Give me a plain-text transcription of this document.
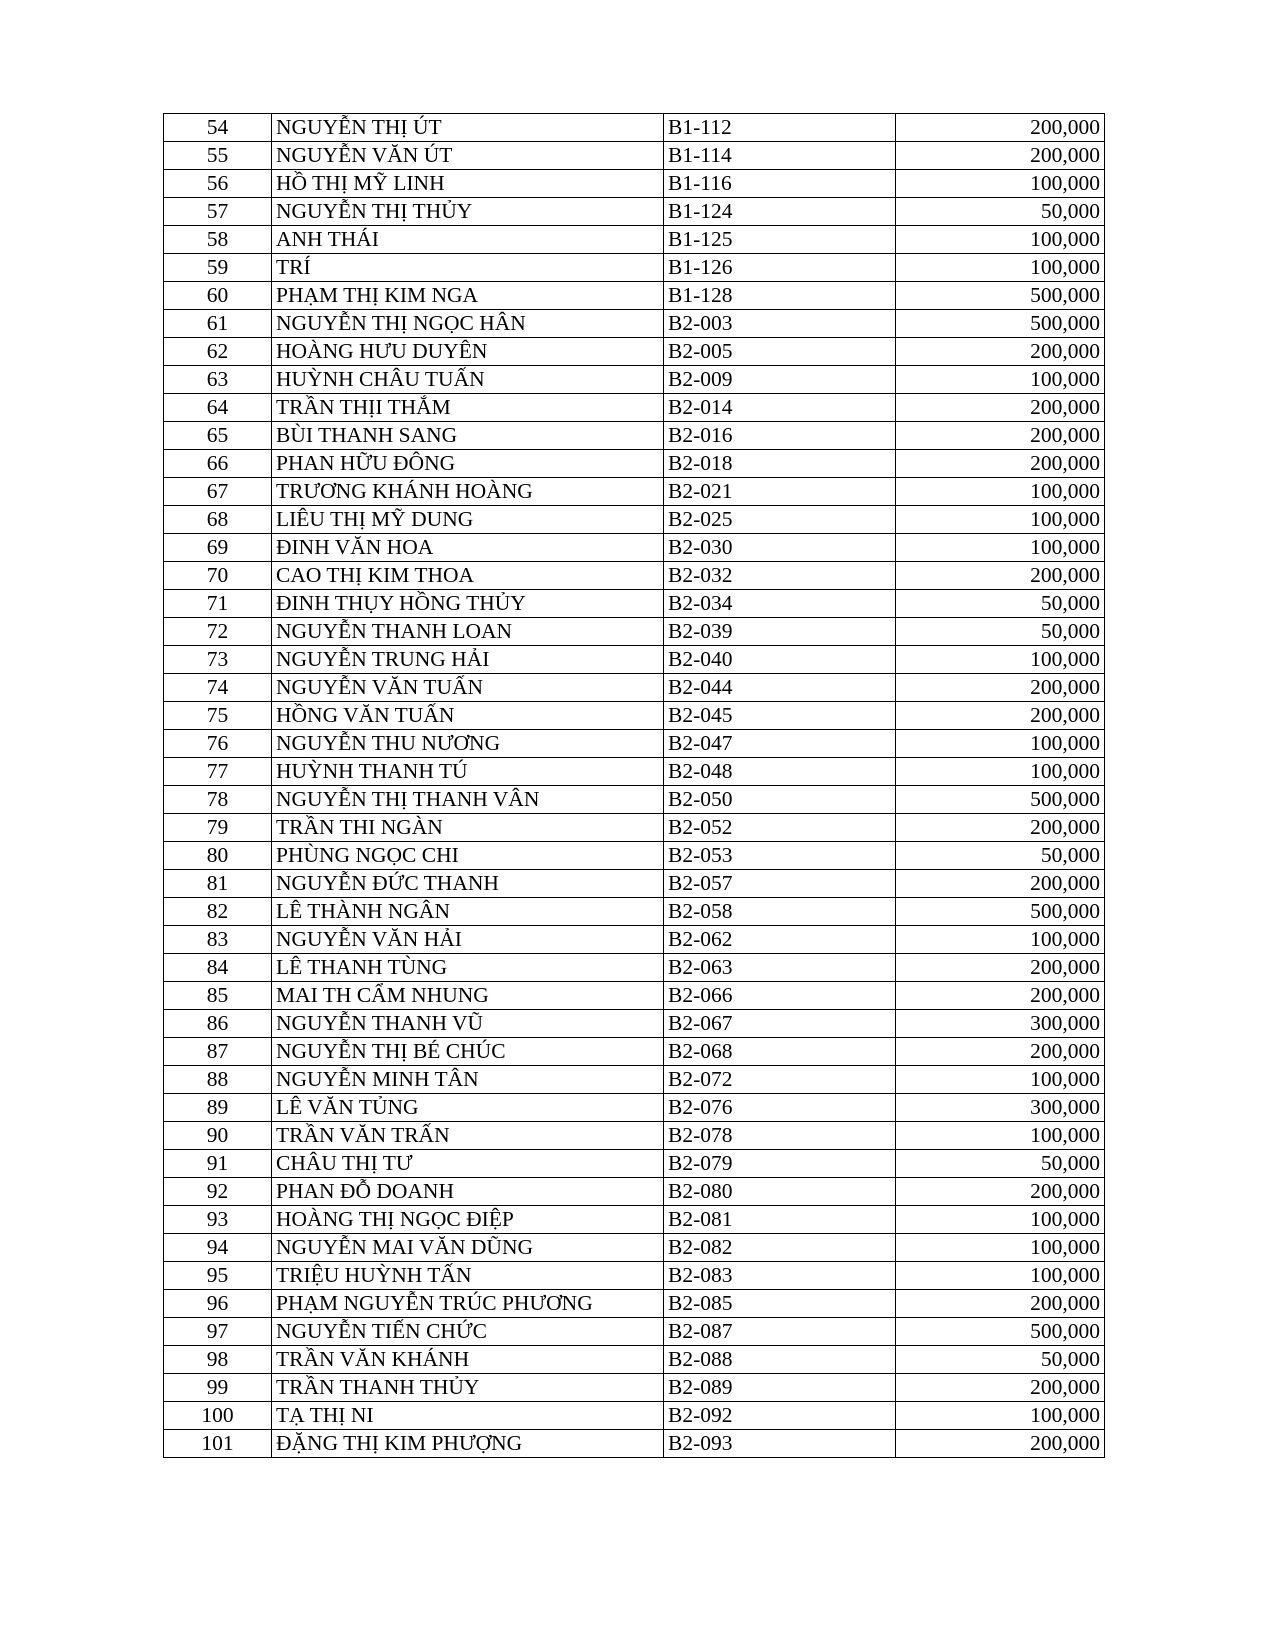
54	NGUYỄN THỊ ÚT	B1-112	200,000
55	NGUYỄN VĂN ÚT	B1-114	200,000
56	HỒ THỊ MỸ LINH	B1-116	100,000
57	NGUYỄN THỊ THỦY	B1-124	50,000
58	ANH THÁI	B1-125	100,000
59	TRÍ	B1-126	100,000
60	PHẠM THỊ KIM NGA	B1-128	500,000
61	NGUYỄN THỊ NGỌC HÂN	B2-003	500,000
62	HOÀNG HƯU DUYÊN	B2-005	200,000
63	HUỲNH CHÂU TUẤN	B2-009	100,000
64	TRẦN THỊI THẮM	B2-014	200,000
65	BÙI THANH SANG	B2-016	200,000
66	PHAN HỮU ĐÔNG	B2-018	200,000
67	TRƯƠNG KHÁNH HOÀNG	B2-021	100,000
68	LIÊU THỊ MỸ DUNG	B2-025	100,000
69	ĐINH VĂN HOA	B2-030	100,000
70	CAO THỊ KIM THOA	B2-032	200,000
71	ĐINH THỤY HỒNG THỦY	B2-034	50,000
72	NGUYỄN THANH LOAN	B2-039	50,000
73	NGUYỄN TRUNG HẢI	B2-040	100,000
74	NGUYỄN VĂN TUẤN	B2-044	200,000
75	HỒNG VĂN TUẤN	B2-045	200,000
76	NGUYỄN THU NƯƠNG	B2-047	100,000
77	HUỲNH THANH TÚ	B2-048	100,000
78	NGUYỄN THỊ THANH VÂN	B2-050	500,000
79	TRẦN THI NGÀN	B2-052	200,000
80	PHÙNG NGỌC CHI	B2-053	50,000
81	NGUYỄN ĐỨC THANH	B2-057	200,000
82	LÊ THÀNH NGÂN	B2-058	500,000
83	NGUYỄN VĂN HẢI	B2-062	100,000
84	LÊ THANH TÙNG	B2-063	200,000
85	MAI TH CẨM NHUNG	B2-066	200,000
86	NGUYỄN THANH VŨ	B2-067	300,000
87	NGUYỄN THỊ BÉ CHÚC	B2-068	200,000
88	NGUYỄN MINH TÂN	B2-072	100,000
89	LÊ VĂN TỦNG	B2-076	300,000
90	TRẦN VĂN TRẤN	B2-078	100,000
91	CHÂU THỊ TƯ	B2-079	50,000
92	PHAN ĐỖ DOANH	B2-080	200,000
93	HOÀNG THỊ NGỌC ĐIỆP	B2-081	100,000
94	NGUYỄN MAI VĂN DŨNG	B2-082	100,000
95	TRIỆU HUỲNH TẤN	B2-083	100,000
96	PHẠM NGUYỄN TRÚC PHƯƠNG	B2-085	200,000
97	NGUYỄN TIẾN CHỨC	B2-087	500,000
98	TRẦN VĂN KHÁNH	B2-088	50,000
99	TRẦN THANH THỦY	B2-089	200,000
100	TẠ THỊ NI	B2-092	100,000
101	ĐẶNG THỊ KIM PHƯỢNG	B2-093	200,000
